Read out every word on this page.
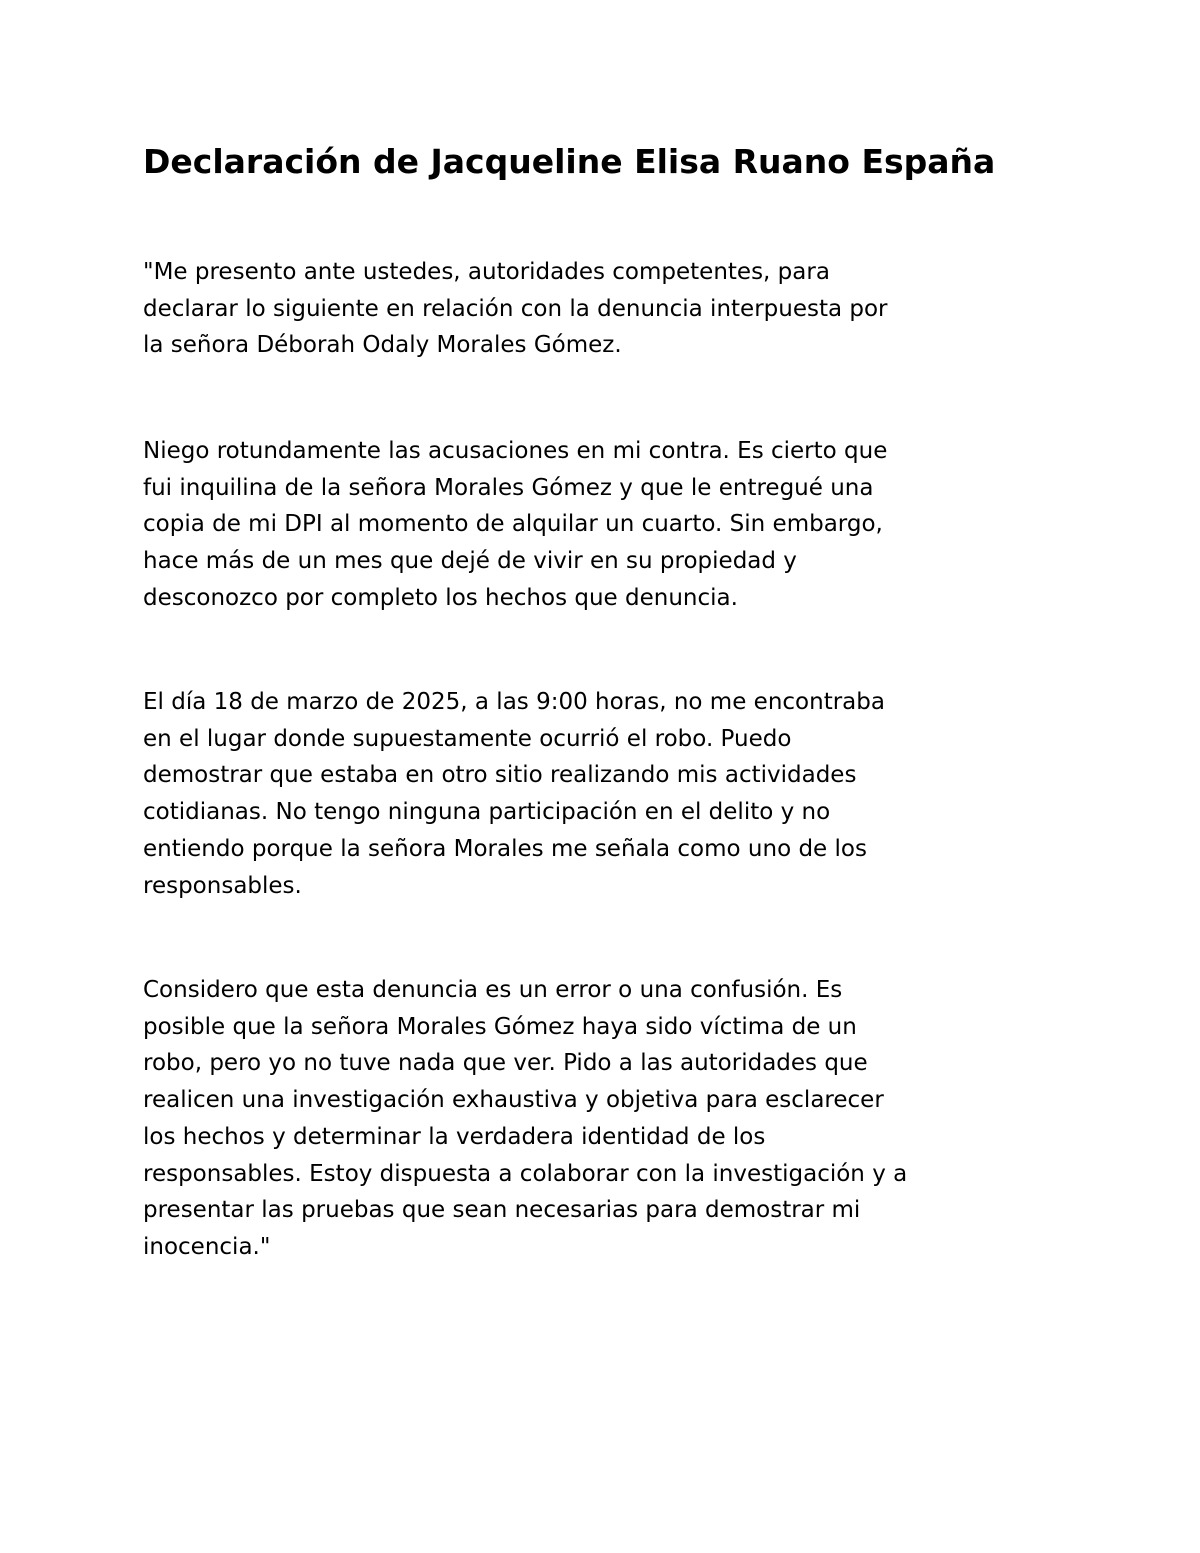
Declaración de Jacqueline Elisa Ruano España

"Me presento ante ustedes, autoridades competentes, para
declarar lo siguiente en relación con la denuncia interpuesta por
la señora Déborah Odaly Morales Gómez.

Niego rotundamente las acusaciones en mi contra. Es cierto que
fui inquilina de la señora Morales Gómez y que le entregué una
copia de mi DPI al momento de alquilar un cuarto. Sin embargo,
hace más de un mes que dejé de vivir en su propiedad y
desconozco por completo los hechos que denuncia.

El día 18 de marzo de 2025, a las 9:00 horas, no me encontraba
en el lugar donde supuestamente ocurrió el robo. Puedo
demostrar que estaba en otro sitio realizando mis actividades
cotidianas. No tengo ninguna participación en el delito y no
entiendo porque la señora Morales me señala como uno de los
responsables.

Considero que esta denuncia es un error o una confusión. Es
posible que la señora Morales Gómez haya sido víctima de un
robo, pero yo no tuve nada que ver. Pido a las autoridades que
realicen una investigación exhaustiva y objetiva para esclarecer
los hechos y determinar la verdadera identidad de los
responsables. Estoy dispuesta a colaborar con la investigación y a
presentar las pruebas que sean necesarias para demostrar mi
inocencia."
